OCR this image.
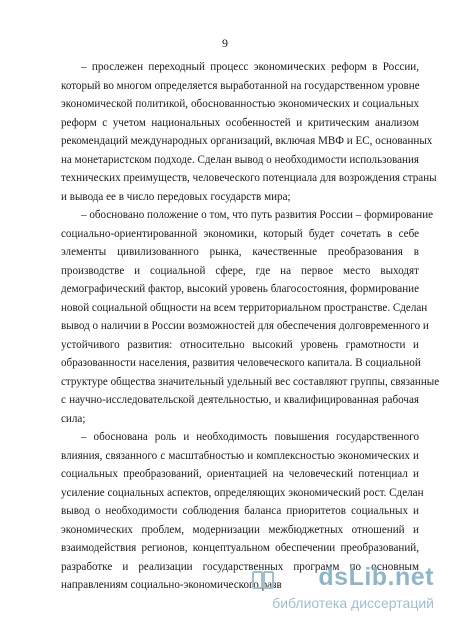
9
– прослежен переходный процесс экономических реформ в России,
который во многом определяется выработанной на государственном уровне
экономической политикой, обоснованностью экономических и социальных
реформ с учетом национальных особенностей и критическим анализом
рекомендаций международных организаций, включая МВФ и ЕС, основанных
на монетаристском подходе. Сделан вывод о необходимости использования
технических преимуществ, человеческого потенциала для возрождения страны
и вывода ее в число передовых государств мира;
– обосновано положение о том, что путь развития России – формирование
социально-ориентированной экономики, который будет сочетать в себе
элементы цивилизованного рынка, качественные преобразования в
производстве и социальной сфере, где на первое место выходят
демографический фактор, высокий уровень благосостояния, формирование
новой социальной общности на всем территориальном пространстве. Сделан
вывод о наличии в России возможностей для обеспечения долговременного и
устойчивого развития: относительно высокий уровень грамотности и
образованности населения, развития человеческого капитала. В социальной
структуре общества значительный удельный вес составляют группы, связанные
с научно-исследовательской деятельностью, и квалифицированная рабочая
сила;
– обоснована роль и необходимость повышения государственного
влияния, связанного с масштабностью и комплексностью экономических и
социальных преобразований, ориентацией на человеческий потенциал и
усиление социальных аспектов, определяющих экономический рост. Сделан
вывод о необходимости соблюдения баланса приоритетов социальных и
экономических проблем, модернизации межбюджетных отношений и
взаимодействия регионов, концептуальном обеспечении преобразований,
разработке и реализации государственных программ по основным
направлениям социально-экономического разв	dsLib.net
библиотека диссертаций
